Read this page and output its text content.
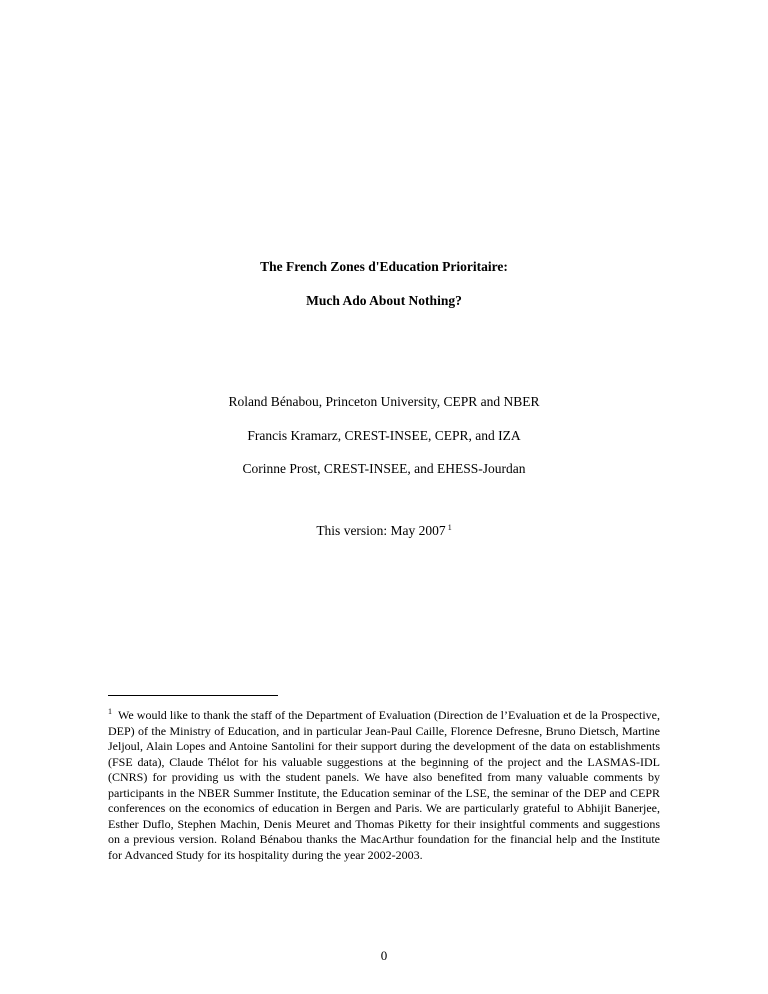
The French Zones d'Education Prioritaire:
Much Ado About Nothing?
Roland Bénabou, Princeton University, CEPR and NBER
Francis Kramarz, CREST-INSEE, CEPR, and IZA
Corinne Prost, CREST-INSEE, and EHESS-Jourdan
This version: May 2007 $^1$
$^1$ We would like to thank the staff of the Department of Evaluation (Direction de l’Evaluation et de la Prospective, DEP) of the Ministry of Education, and in particular Jean-Paul Caille, Florence Defresne, Bruno Dietsch, Martine Jeljoul, Alain Lopes and Antoine Santolini for their support during the development of the data on establishments (FSE data), Claude Thélot for his valuable suggestions at the beginning of the project and the LASMAS-IDL (CNRS) for providing us with the student panels. We have also benefited from many valuable comments by participants in the NBER Summer Institute, the Education seminar of the LSE, the seminar of the DEP and CEPR conferences on the economics of education in Bergen and Paris. We are particularly grateful to Abhijit Banerjee, Esther Duflo, Stephen Machin, Denis Meuret and Thomas Piketty for their insightful comments and suggestions on a previous version. Roland Bénabou thanks the MacArthur foundation for the financial help and the Institute for Advanced Study for its hospitality during the year 2002-2003.
0
